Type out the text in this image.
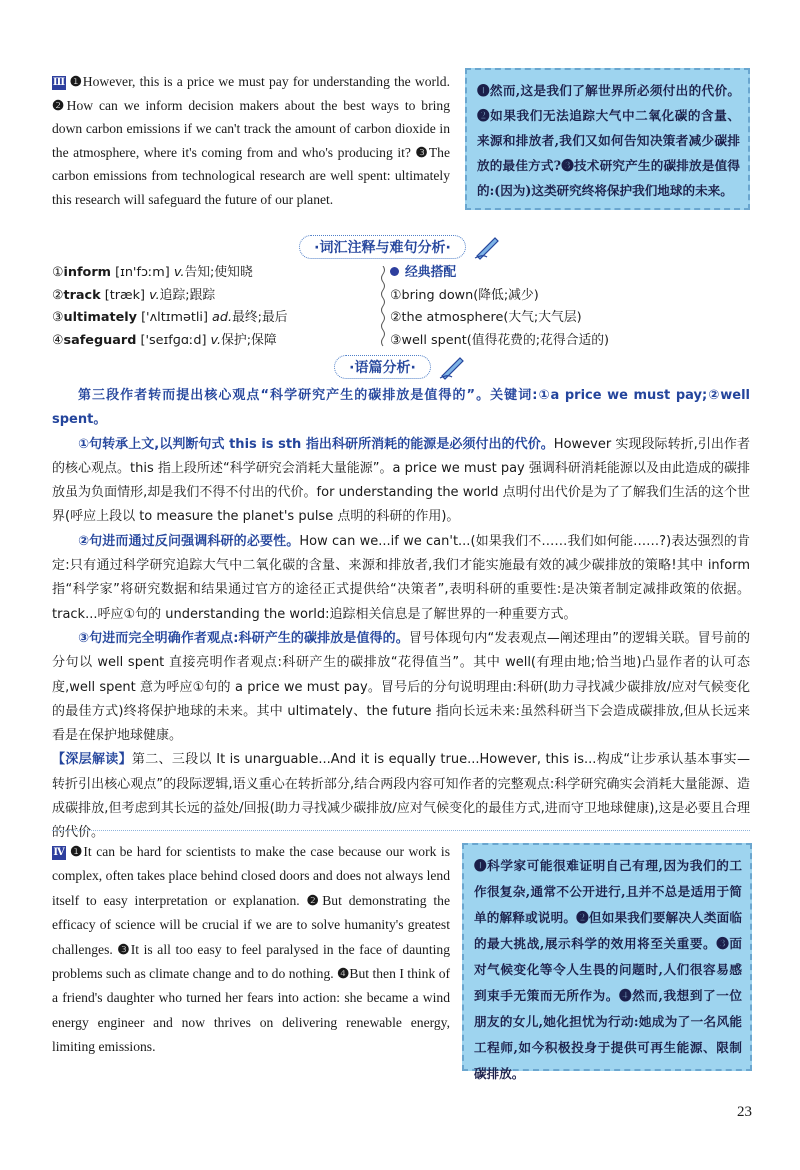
Ⅲ ❶However, this is a price we must pay for understanding the world. ❷How can we inform decision makers about the best ways to bring down carbon emissions if we can't track the amount of carbon dioxide in the atmosphere, where it's coming from and who's producing it? ❸The carbon emissions from technological research are well spent: ultimately this research will safeguard the future of our planet.
❶然而,这是我们了解世界所必须付出的代价。❷如果我们无法追踪大气中二氧化碳的含量、来源和排放者,我们又如何告知决策者减少碳排放的最佳方式?❸技术研究产生的碳排放是值得的:(因为)这类研究终将保护我们地球的未来。
·词汇注释与难句分析·
①inform [ɪn'fɔːm] v.告知;使知晓
②track [træk] v.追踪;跟踪
③ultimately ['ʌltɪmətli] ad.最终;最后
④safeguard ['seɪfɡɑːd] v.保护;保障
经典搭配
①bring down(降低;减少)
②the atmosphere(大气;大气层)
③well spent(值得花费的;花得合适的)
·语篇分析·

第三段作者转而提出核心观点“科学研究产生的碳排放是值得的”。关键词:①a price we must pay;②well spent。

①句转承上文,以判断句式 this is sth 指出科研所消耗的能源是必须付出的代价。However 实现段际转折,引出作者的核心观点。this 指上段所述“科学研究会消耗大量能源”。a price we must pay 强调科研消耗能源以及由此造成的碳排放虽为负面情形,却是我们不得不付出的代价。for understanding the world 点明付出代价是为了了解我们生活的这个世界(呼应上段以 to measure the planet's pulse 点明的科研的作用)。

②句进而通过反问强调科研的必要性。How can we...if we can't...(如果我们不……我们如何能……?)表达强烈的肯定:只有通过科学研究追踪大气中二氧化碳的含量、来源和排放者,我们才能实施最有效的减少碳排放的策略!其中 inform 指“科学家”将研究数据和结果通过官方的途径正式提供给“决策者”,表明科研的重要性:是决策者制定减排政策的依据。track...呼应①句的 understanding the world:追踪相关信息是了解世界的一种重要方式。

③句进而完全明确作者观点:科研产生的碳排放是值得的。冒号体现句内“发表观点—阐述理由”的逻辑关联。冒号前的分句以 well spent 直接亮明作者观点:科研产生的碳排放“花得值当”。其中 well(有理由地;恰当地)凸显作者的认可态度,well spent 意为呼应①句的 a price we must pay。冒号后的分句说明理由:科研(助力寻找减少碳排放/应对气候变化的最佳方式)终将保护地球的未来。其中 ultimately、the future 指向长远未来:虽然科研当下会造成碳排放,但从长远来看是在保护地球健康。

【深层解读】第二、三段以 It is unarguable...And it is equally true...However, this is...构成“让步承认基本事实—转折引出核心观点”的段际逻辑,语义重心在转折部分,结合两段内容可知作者的完整观点:科学研究确实会消耗大量能源、造成碳排放,但考虑到其长远的益处/回报(助力寻找减少碳排放/应对气候变化的最佳方式,进而守卫地球健康),这是必要且合理的代价。

Ⅳ ❶It can be hard for scientists to make the case because our work is complex, often takes place behind closed doors and does not always lend itself to easy interpretation or explanation. ❷But demonstrating the efficacy of science will be crucial if we are to solve humanity's greatest challenges. ❸It is all too easy to feel paralysed in the face of daunting problems such as climate change and to do nothing. ❹But then I think of a friend's daughter who turned her fears into action: she became a wind energy engineer and now thrives on delivering renewable energy, limiting emissions.
❶科学家可能很难证明自己有理,因为我们的工作很复杂,通常不公开进行,且并不总是适用于简单的解释或说明。❷但如果我们要解决人类面临的最大挑战,展示科学的效用将至关重要。❸面对气候变化等令人生畏的问题时,人们很容易感到束手无策而无所作为。❹然而,我想到了一位朋友的女儿,她化担忧为行动:她成为了一名风能工程师,如今积极投身于提供可再生能源、限制碳排放。
23
